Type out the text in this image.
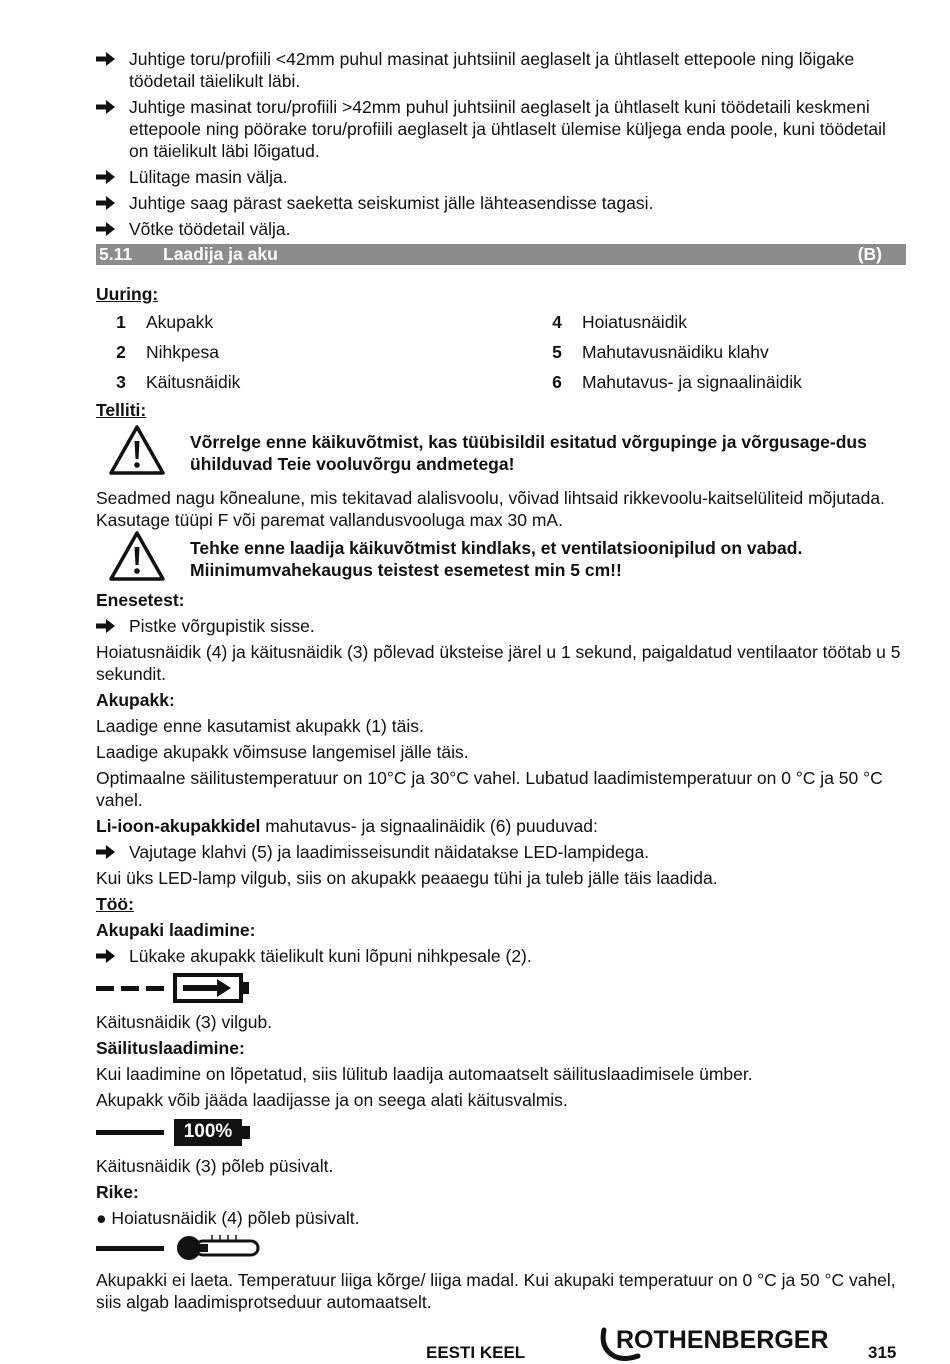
Juhtige toru/profiili <42mm puhul masinat juhtsiinil aeglaselt ja ühtlaselt ettepoole ning lõigake töödetail täielikult läbi.
Juhtige masinat toru/profiili >42mm puhul juhtsiinil aeglaselt ja ühtlaselt kuni töödetaili keskmeni ettepoole ning pöörake toru/profiili aeglaselt ja ühtlaselt ülemise küljega enda poole, kuni töödetail on täielikult läbi lõigatud.
Lülitage masin välja.
Juhtige saag pärast saeketta seiskumist jälle lähteasendisse tagasi.
Võtke töödetail välja.
5.11 Laadija ja aku	(B)
Uuring:
1	Akupakk	4	Hoiatusnäidik
2	Nihkpesa	5	Mahutavusnäidiku klahv
3	Käitusnäidik	6	Mahutavus- ja signaalinäidik
Telliti:
Võrrelge enne käikuvõtmist, kas tüübisildil esitatud võrgupinge ja võrgusage-dus ühilduvad Teie vooluvõrgu andmetega!

Seadmed nagu kõnealune, mis tekitavad alalisvoolu, võivad lihtsaid rikkevoolu-kaitselüliteid mõjutada. Kasutage tüüpi F või paremat vallandusvooluga max 30 mA.

Tehke enne laadija käikuvõtmist kindlaks, et ventilatsioonipilud on vabad. Miinimumvahekaugus teistest esemetest min 5 cm!!

Enesetest:

Pistke võrgupistik sisse.

Hoiatusnäidik (4) ja käitusnäidik (3) põlevad üksteise järel u 1 sekund, paigaldatud ventilaator töötab u 5 sekundit.

Akupakk:

Laadige enne kasutamist akupakk (1) täis.

Laadige akupakk võimsuse langemisel jälle täis.

Optimaalne säilitustemperatuur on 10°C ja 30°C vahel. Lubatud laadimistemperatuur on 0 °C ja 50 °C vahel.

Li-ioon-akupakkidel mahutavus- ja signaalinäidik (6) puuduvad:

Vajutage klahvi (5) ja laadimisseisundit näidatakse LED-lampidega.

Kui üks LED-lamp vilgub, siis on akupakk peaaegu tühi ja tuleb jälle täis laadida.

Töö:

Akupaki laadimine:

Lükake akupakk täielikult kuni lõpuni nihkpesale (2).

Käitusnäidik (3) vilgub.

Säilituslaadimine:

Kui laadimine on lõpetatud, siis lülitub laadija automaatselt säilituslaadimisele ümber.

Akupakk võib jääda laadijasse ja on seega alati käitusvalmis.

100%

Käitusnäidik (3) põleb püsivalt.

Rike:

● Hoiatusnäidik (4) põleb püsivalt.

Akupakki ei laeta. Temperatuur liiga kõrge/ liiga madal. Kui akupaki temperatuur on 0 °C ja 50 °C vahel, siis algab laadimisprotseduur automaatselt.

EESTI KEEL	ROTHENBERGER 315
